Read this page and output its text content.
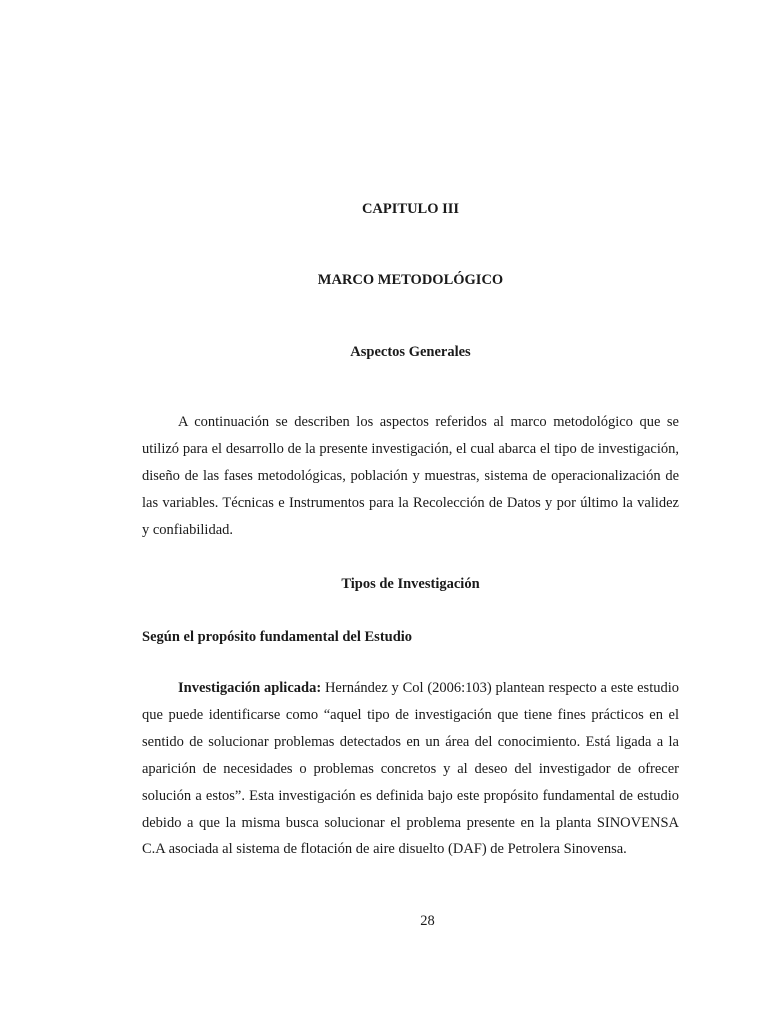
CAPITULO III
MARCO METODOLÓGICO
Aspectos Generales

A continuación se describen los aspectos referidos al marco metodológico que se utilizó para el desarrollo de la presente investigación, el cual abarca el tipo de investigación, diseño de las fases metodológicas, población y muestras, sistema de operacionalización de las variables. Técnicas e Instrumentos para la Recolección de Datos y por último la validez y confiabilidad.

Tipos de Investigación
Según el propósito fundamental del Estudio

Investigación aplicada: Hernández y Col (2006:103) plantean respecto a este estudio que puede identificarse como “aquel tipo de investigación que tiene fines prácticos en el sentido de solucionar problemas detectados en un área del conocimiento. Está ligada a la aparición de necesidades o problemas concretos y al deseo del investigador de ofrecer solución a estos”. Esta investigación es definida bajo este propósito fundamental de estudio debido a que la misma busca solucionar el problema presente en la planta SINOVENSA C.A asociada al sistema de flotación de aire disuelto (DAF) de Petrolera Sinovensa.

28
